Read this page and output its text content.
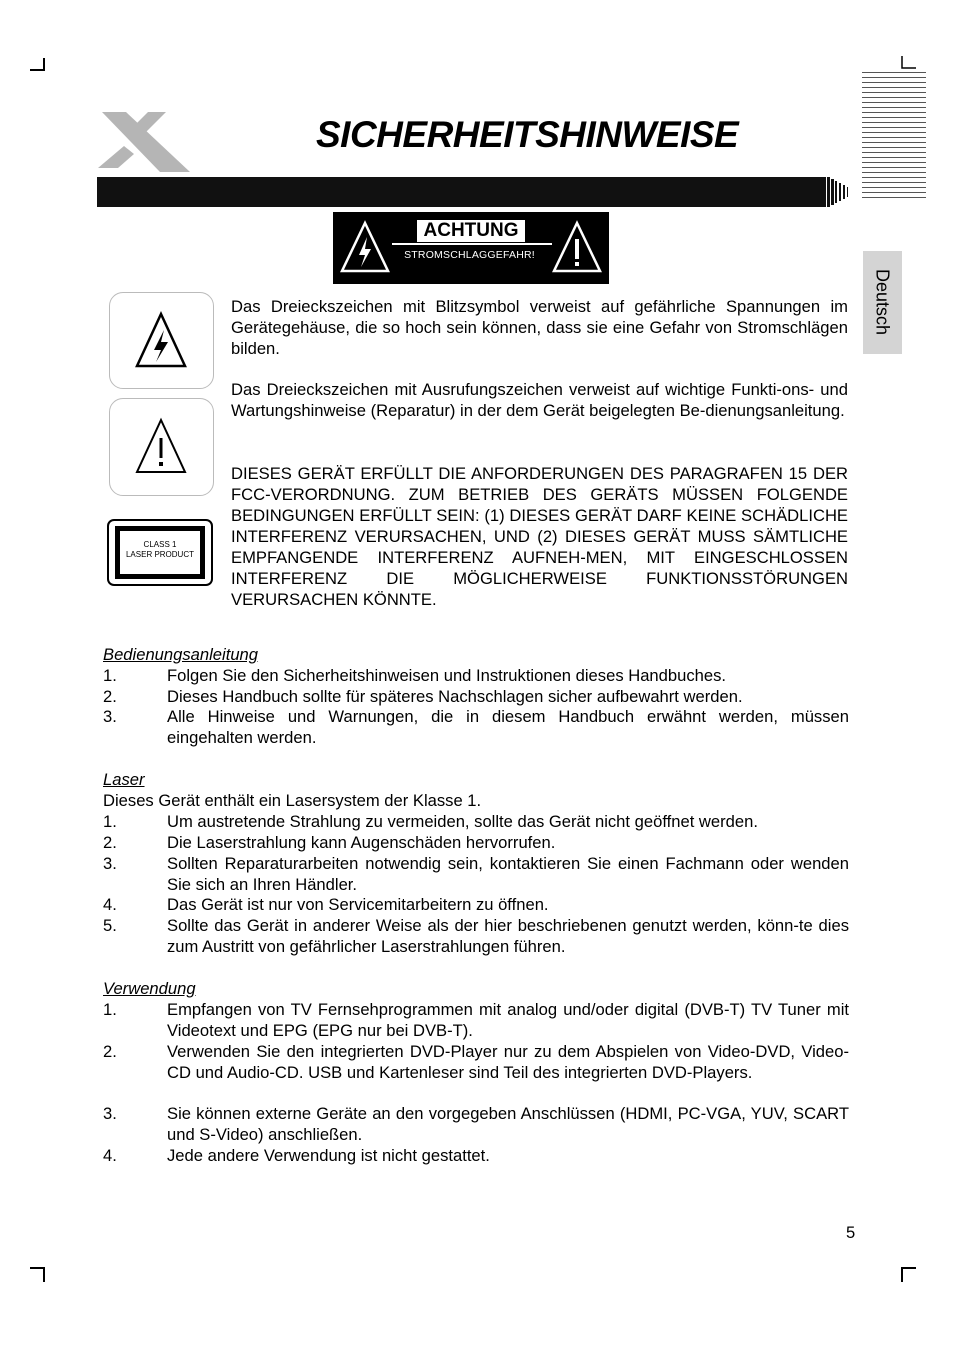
SICHERHEITSHINWEISE
Deutsch
ACHTUNG
STROMSCHLAGGEFAHR!
CLASS 1
LASER PRODUCT
Das Dreieckszeichen mit Blitzsymbol verweist auf gefährliche Spannungen im Gerätegehäuse, die so hoch sein können, dass sie eine Gefahr von Stromschlägen bilden.
Das Dreieckszeichen mit Ausrufungszeichen verweist auf wichtige Funkti-ons- und Wartungshinweise (Reparatur) in der dem Gerät beigelegten Be-dienungsanleitung.
DIESES GERÄT ERFÜLLT DIE ANFORDERUNGEN DES PARAGRAFEN 15 DER FCC-VERORDNUNG. ZUM BETRIEB DES GERÄTS MÜSSEN FOLGENDE BEDINGUNGEN ERFÜLLT SEIN: (1) DIESES GERÄT DARF KEINE SCHÄDLICHE INTERFERENZ VERURSACHEN, UND (2) DIESES GERÄT MUSS SÄMTLICHE EMPFANGENDE INTERFERENZ AUFNEH-MEN, MIT EINGESCHLOSSEN INTERFERENZ DIE MÖGLICHERWEISE FUNKTIONSSTÖRUNGEN VERURSACHEN KÖNNTE.
Bedienungsanleitung
1.	Folgen Sie den Sicherheitshinweisen und Instruktionen dieses Handbuches.
2.	Dieses Handbuch sollte für späteres Nachschlagen sicher aufbewahrt werden.
3.	Alle Hinweise und Warnungen, die in diesem Handbuch erwähnt werden, müssen eingehalten werden.
Laser
Dieses Gerät enthält ein Lasersystem der Klasse 1.
1.	Um austretende Strahlung zu vermeiden, sollte das Gerät nicht geöffnet werden.
2.	Die Laserstrahlung kann Augenschäden hervorrufen.
3.	Sollten Reparaturarbeiten notwendig sein, kontaktieren Sie einen Fachmann oder wenden Sie sich an Ihren Händler.
4.	Das Gerät ist nur von Servicemitarbeitern zu öffnen.
5.	Sollte das Gerät in anderer Weise als der hier beschriebenen genutzt werden, könn-te dies zum Austritt von gefährlicher Laserstrahlungen führen.
Verwendung
1.	Empfangen von TV Fernsehprogrammen mit analog und/oder digital (DVB-T) TV Tuner mit Videotext und EPG (EPG nur bei DVB-T).
2.	Verwenden Sie den integrierten DVD-Player nur zu dem Abspielen von Video-DVD, Video-CD und Audio-CD. USB und Kartenleser sind Teil des integrierten DVD-Players.
3.	Sie können externe Geräte an den vorgegeben Anschlüssen (HDMI, PC-VGA, YUV, SCART und S-Video) anschließen.
4.	Jede andere Verwendung ist nicht gestattet.
5
